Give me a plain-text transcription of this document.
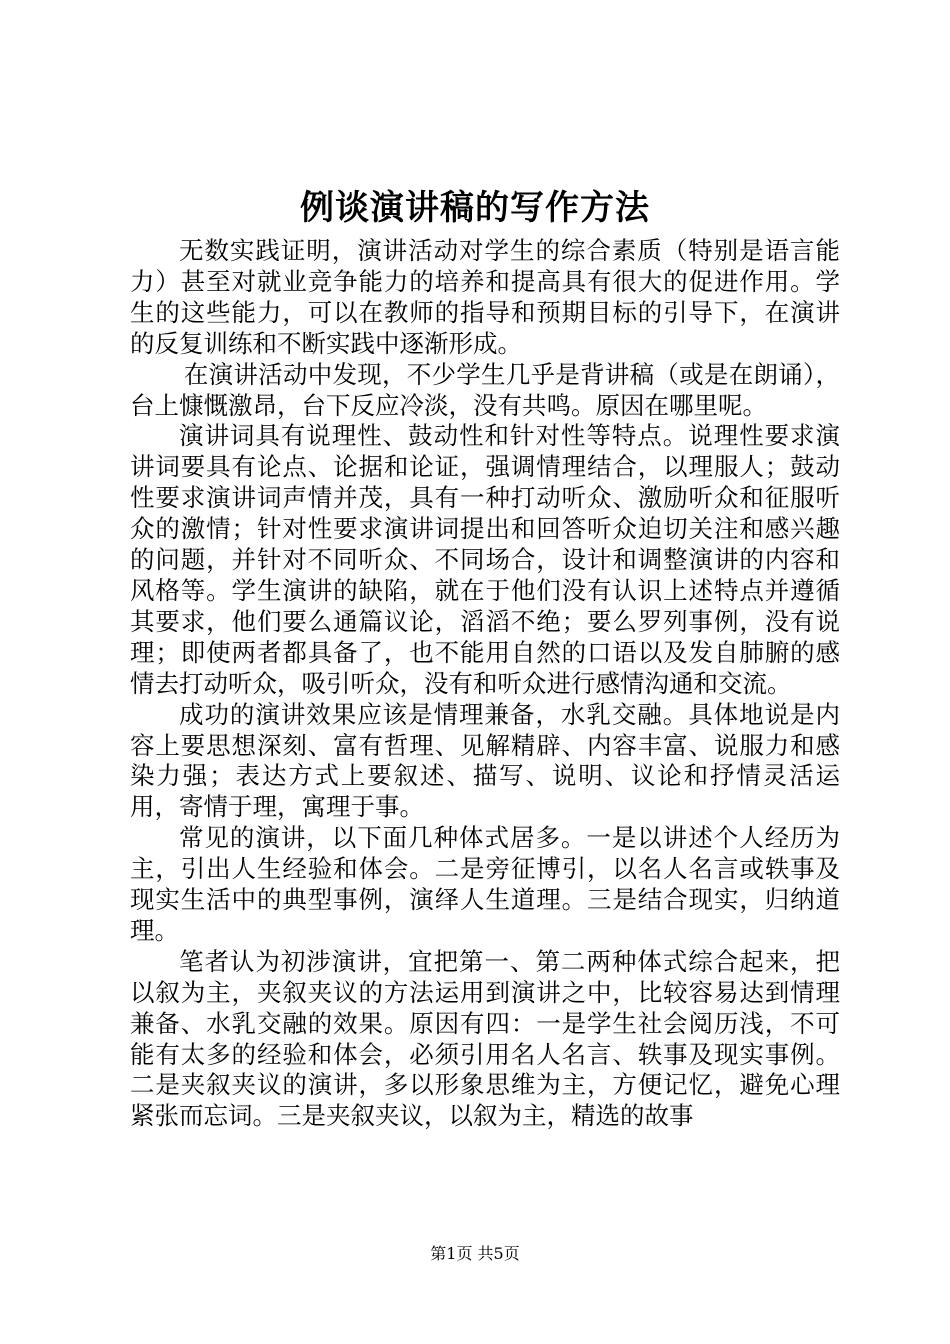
例谈演讲稿的写作方法

无数实践证明，演讲活动对学生的综合素质（特别是语言能力）甚至对就业竞争能力的培养和提高具有很大的促进作用。学生的这些能力，可以在教师的指导和预期目标的引导下，在演讲的反复训练和不断实践中逐渐形成。

在演讲活动中发现，不少学生几乎是背讲稿（或是在朗诵），台上慷慨激昂，台下反应冷淡，没有共鸣。原因在哪里呢。

演讲词具有说理性、鼓动性和针对性等特点。说理性要求演讲词要具有论点、论据和论证，强调情理结合，以理服人；鼓动性要求演讲词声情并茂，具有一种打动听众、激励听众和征服听众的激情；针对性要求演讲词提出和回答听众迫切关注和感兴趣的问题，并针对不同听众、不同场合，设计和调整演讲的内容和风格等。学生演讲的缺陷，就在于他们没有认识上述特点并遵循其要求，他们要么通篇议论，滔滔不绝；要么罗列事例，没有说理；即使两者都具备了，也不能用自然的口语以及发自肺腑的感情去打动听众，吸引听众，没有和听众进行感情沟通和交流。

成功的演讲效果应该是情理兼备，水乳交融。具体地说是内容上要思想深刻、富有哲理、见解精辟、内容丰富、说服力和感染力强；表达方式上要叙述、描写、说明、议论和抒情灵活运用，寄情于理，寓理于事。

常见的演讲，以下面几种体式居多。一是以讲述个人经历为主，引出人生经验和体会。二是旁征博引，以名人名言或轶事及现实生活中的典型事例，演绎人生道理。三是结合现实，归纳道理。

笔者认为初涉演讲，宜把第一、第二两种体式综合起来，把以叙为主，夹叙夹议的方法运用到演讲之中，比较容易达到情理兼备、水乳交融的效果。原因有四：一是学生社会阅历浅，不可能有太多的经验和体会，必须引用名人名言、轶事及现实事例。二是夹叙夹议的演讲，多以形象思维为主，方便记忆，避免心理紧张而忘词。三是夹叙夹议，以叙为主，精选的故事

第1页 共5页
